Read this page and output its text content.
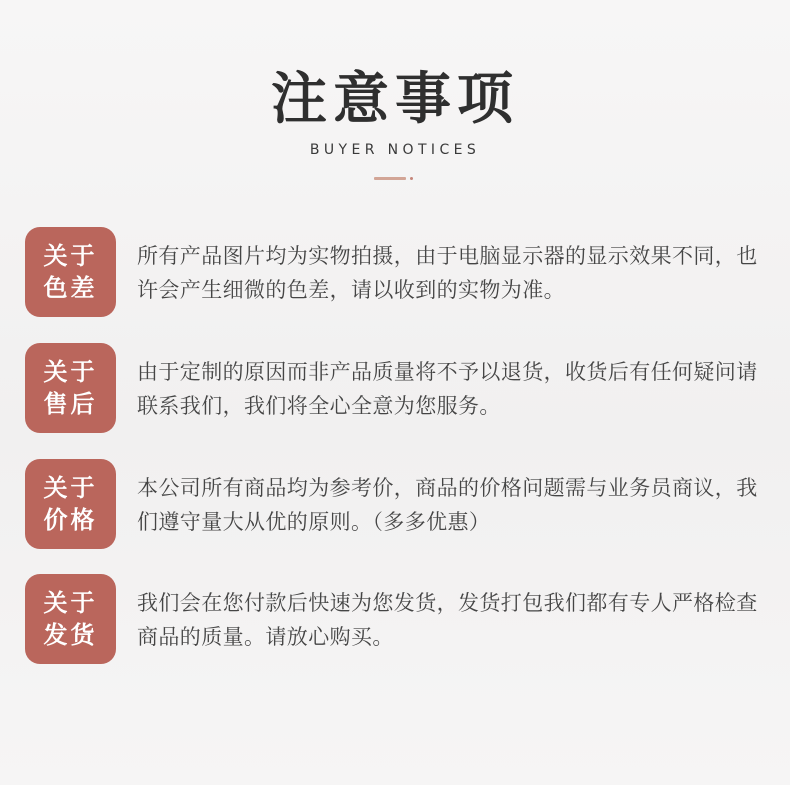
注意事项
BUYER NOTICES
关于
色差
所有产品图片均为实物拍摄，由于电脑显示器的显示效果不同，也许会产生细微的色差，请以收到的实物为准。
关于
售后
由于定制的原因而非产品质量将不予以退货，收货后有任何疑问请联系我们，我们将全心全意为您服务。
关于
价格
本公司所有商品均为参考价，商品的价格问题需与业务员商议，我们遵守量大从优的原则。（多多优惠）
关于
发货
我们会在您付款后快速为您发货，发货打包我们都有专人严格检查商品的质量。请放心购买。
